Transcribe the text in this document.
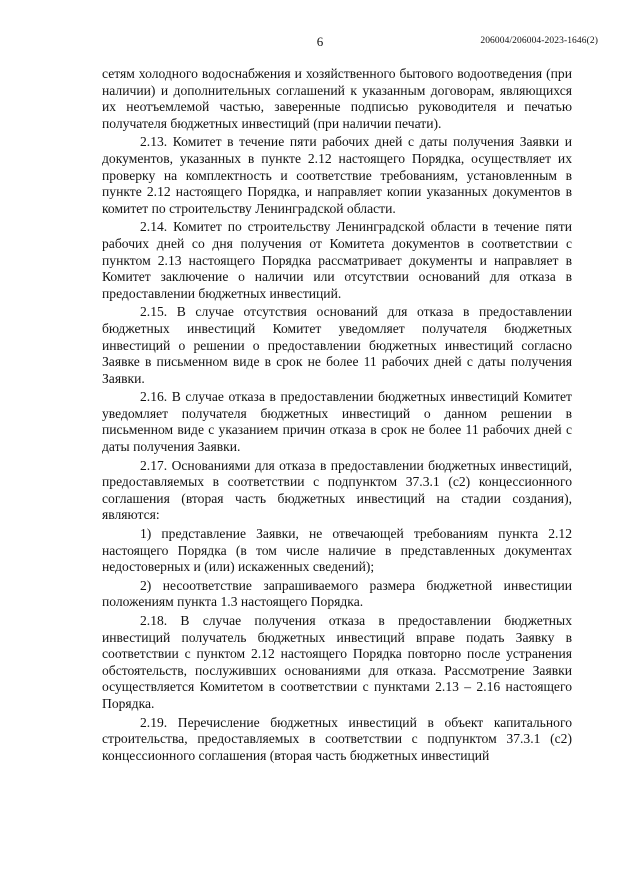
6	206004/206004-2023-1646(2)

сетям холодного водоснабжения и хозяйственного бытового водоотведения (при наличии) и дополнительных соглашений к указанным договорам, являющихся их неотъемлемой частью, заверенные подписью руководителя и печатью получателя бюджетных инвестиций (при наличии печати).

2.13. Комитет в течение пяти рабочих дней с даты получения Заявки и документов, указанных в пункте 2.12 настоящего Порядка, осуществляет их проверку на комплектность и соответствие требованиям, установленным в пункте 2.12 настоящего Порядка, и направляет копии указанных документов в комитет по строительству Ленинградской области.

2.14. Комитет по строительству Ленинградской области в течение пяти рабочих дней со дня получения от Комитета документов в соответствии с пунктом 2.13 настоящего Порядка рассматривает документы и направляет в Комитет заключение о наличии или отсутствии оснований для отказа в предоставлении бюджетных инвестиций.

2.15. В случае отсутствия оснований для отказа в предоставлении бюджетных инвестиций Комитет уведомляет получателя бюджетных инвестиций о решении о предоставлении бюджетных инвестиций согласно Заявке в письменном виде в срок не более 11 рабочих дней с даты получения Заявки.

2.16. В случае отказа в предоставлении бюджетных инвестиций Комитет уведомляет получателя бюджетных инвестиций о данном решении в письменном виде с указанием причин отказа в срок не более 11 рабочих дней с даты получения Заявки.

2.17. Основаниями для отказа в предоставлении бюджетных инвестиций, предоставляемых в соответствии с подпунктом 37.3.1 (с2) концессионного соглашения (вторая часть бюджетных инвестиций на стадии создания), являются:

1) представление Заявки, не отвечающей требованиям пункта 2.12 настоящего Порядка (в том числе наличие в представленных документах недостоверных и (или) искаженных сведений);

2) несоответствие запрашиваемого размера бюджетной инвестиции положениям пункта 1.3 настоящего Порядка.

2.18. В случае получения отказа в предоставлении бюджетных инвестиций получатель бюджетных инвестиций вправе подать Заявку в соответствии с пунктом 2.12 настоящего Порядка повторно после устранения обстоятельств, послуживших основаниями для отказа. Рассмотрение Заявки осуществляется Комитетом в соответствии с пунктами 2.13 – 2.16 настоящего Порядка.

2.19. Перечисление бюджетных инвестиций в объект капитального строительства, предоставляемых в соответствии с подпунктом 37.3.1 (с2) концессионного соглашения (вторая часть бюджетных инвестиций
